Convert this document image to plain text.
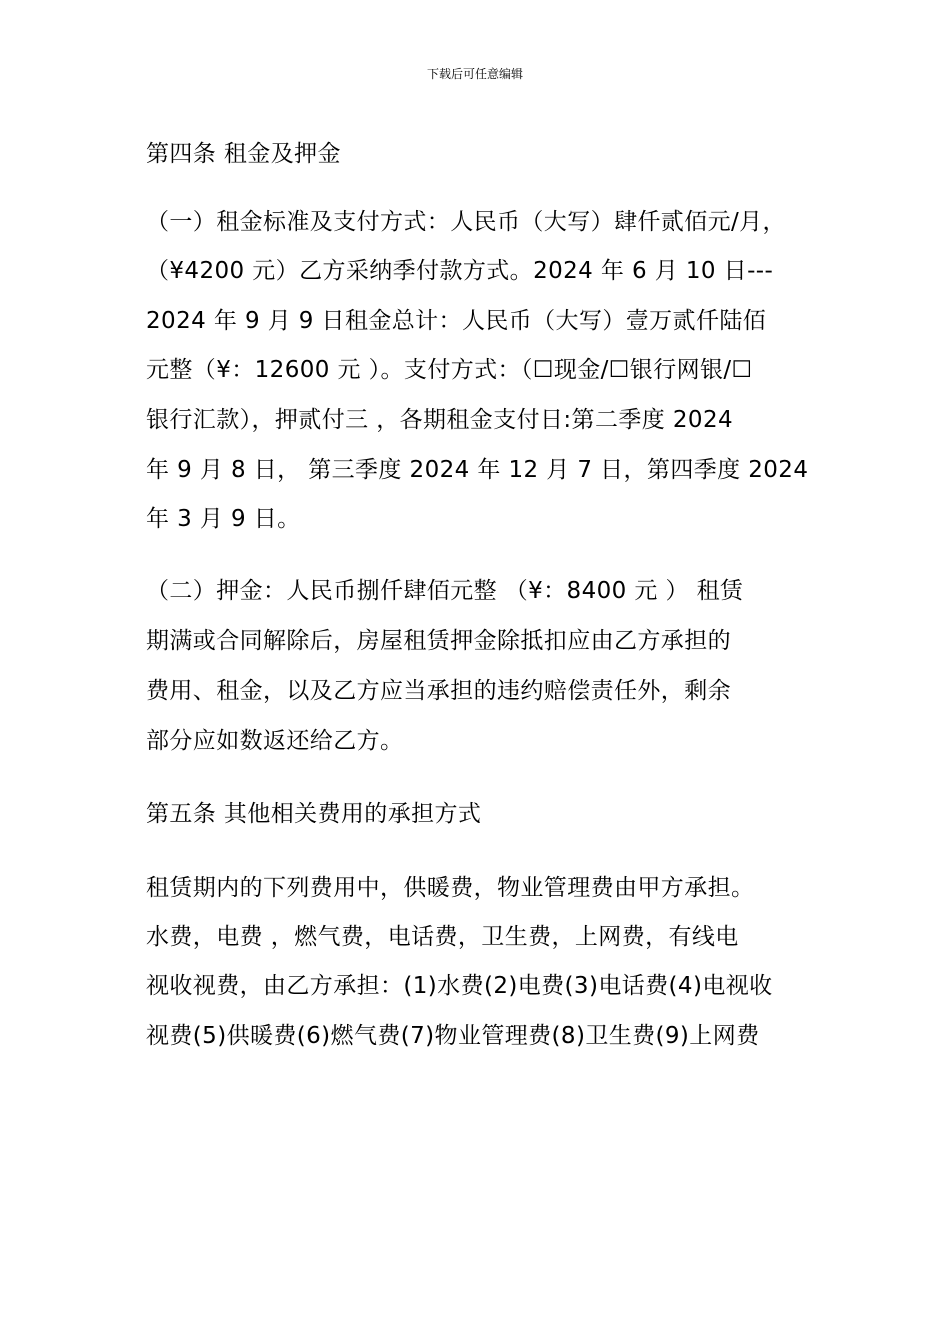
下载后可任意编辑
第四条 租金及押金
（一）租金标准及支付方式：人民币（大写）肆仟贰佰元/月，
（¥4200 元）乙方采纳季付款方式。2024 年 6 月 10 日---
2024 年 9 月 9 日租金总计：人民币（大写）壹万贰仟陆佰
元整（¥：12600 元 ）。支付方式：（☐现金/☐银行网银/☐
银行汇款），押贰付三 ，各期租金支付日:第二季度 2024
年 9 月 8 日， 第三季度 2024 年 12 月 7 日，第四季度 2024
年 3 月 9 日。
（二）押金：人民币捌仟肆佰元整 （¥：8400 元 ） 租赁
期满或合同解除后，房屋租赁押金除抵扣应由乙方承担的
费用、租金，以及乙方应当承担的违约赔偿责任外，剩余
部分应如数返还给乙方。
第五条 其他相关费用的承担方式
租赁期内的下列费用中，供暖费，物业管理费由甲方承担。
水费，电费 ，燃气费，电话费，卫生费，上网费，有线电
视收视费，由乙方承担：(1)水费(2)电费(3)电话费(4)电视收
视费(5)供暖费(6)燃气费(7)物业管理费(8)卫生费(9)上网费
